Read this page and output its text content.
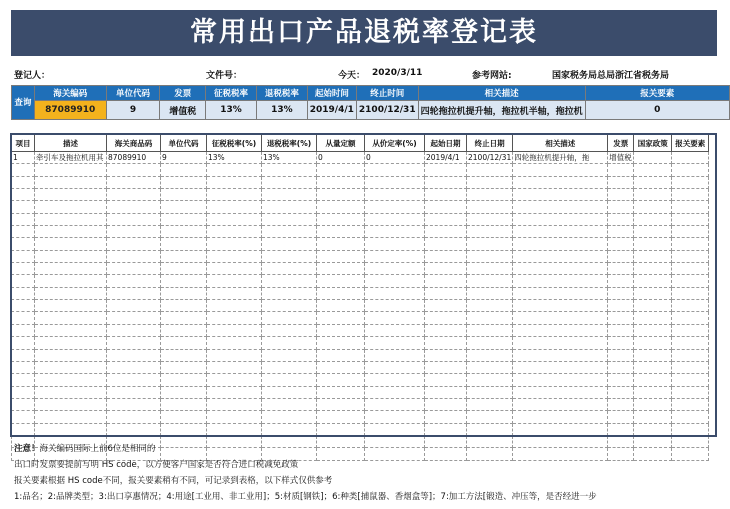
常用出口产品退税率登记表
登记人：	文件号：	今天： 2020/3/11	参考网站:	国家税务局总局浙江省税务局
查询	海关编码	单位代码	发票	征税税率	退税税率	起始时间	终止时间	相关描述	报关要素
	87089910	9	增值税	13%	13%	2019/4/1	2100/12/31	四轮拖拉机提升轴，拖拉机半轴，拖拉机	0
项目	描述	海关商品码	单位代码	征税税率(%)	退税税率(%)	从量定额	从价定率(%)	起始日期	终止日期	相关描述	发票	国家政策	报关要素
1	牵引车及拖拉机用其	87089910	9	13%	13%	0	0	2019/4/1	2100/12/31	四轮拖拉机提升轴，拖	增值税		

注意！海关编码国际上前6位是相同的
出口时发票要提前写明 HS code，以方便客户国家是否符合进口税减免政策
报关要素根据 HS code不同，报关要素稍有不同，可记录到表格，以下样式仅供参考
1:品名；2:品牌类型；3:出口享惠情况；4:用途[工业用、非工业用]；5:材质[钢铁]；6:种类[捕鼠器、香烟盒等]；7:加工方法[锻造、冲压等，是否经进一步
